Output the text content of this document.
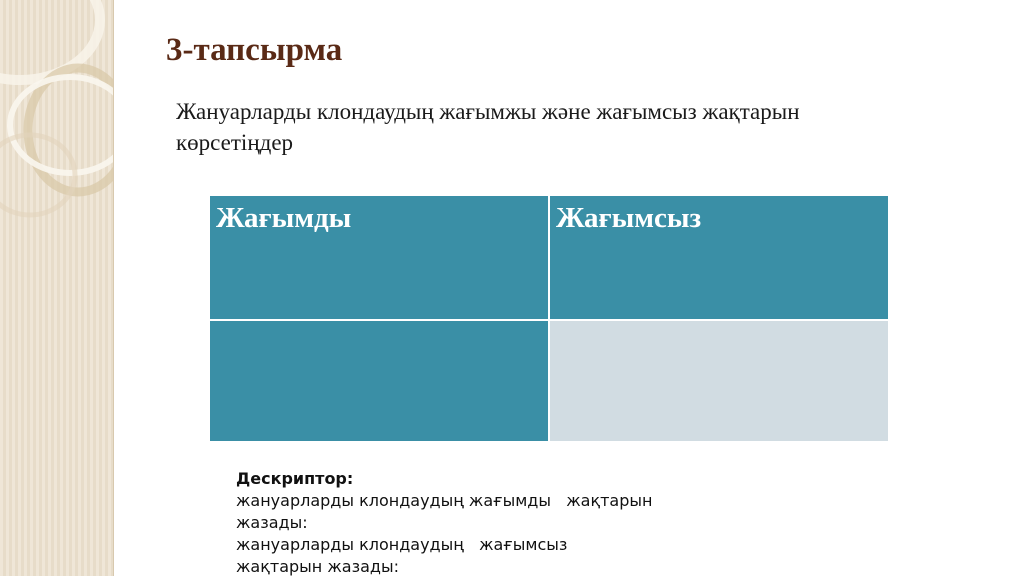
3-тапсырма

Жануарларды клондаудың жағымжы және жағымсыз жақтарын көрсетіңдер

Жағымды	Жағымсыз

Дескриптор:
жануарларды клондаудың жағымды   жақтарын
жазады:
жануарларды клондаудың   жағымсыз
жақтарын жазады:
